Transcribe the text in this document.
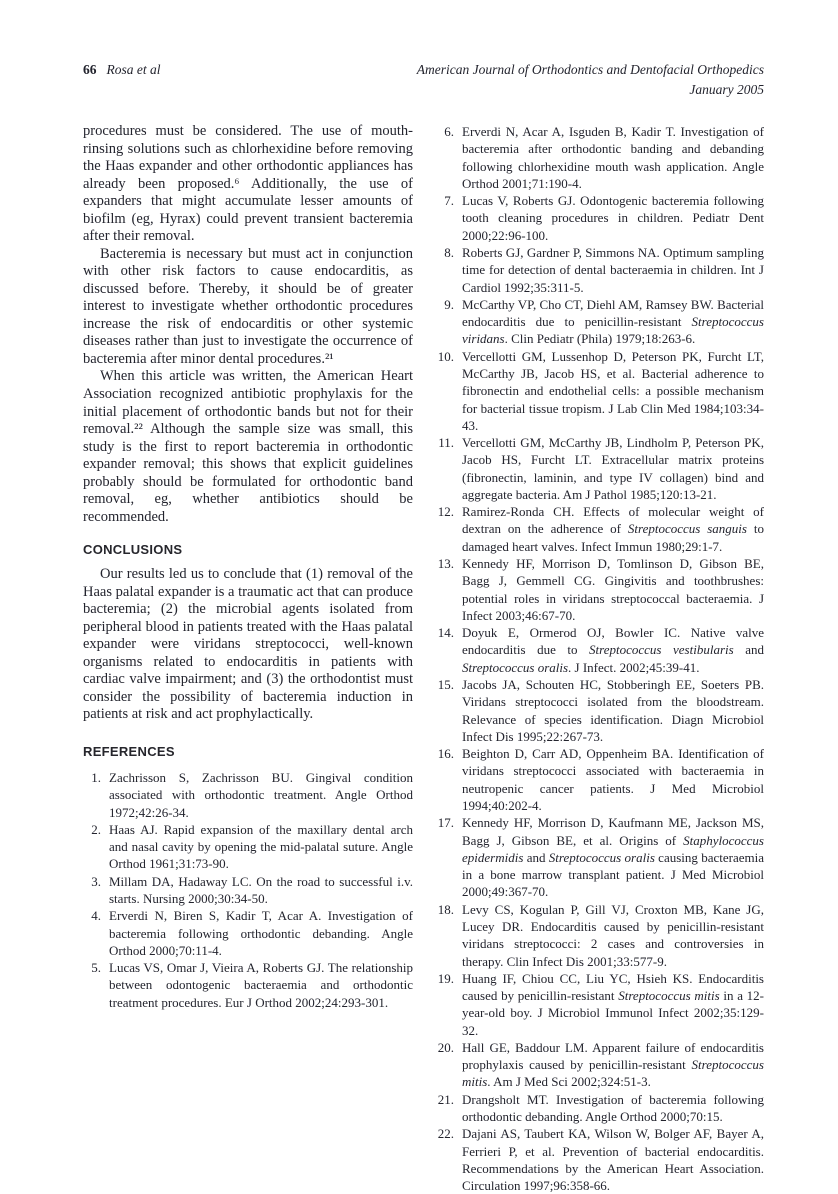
66 Rosa et al	American Journal of Orthodontics and Dentofacial Orthopedics
January 2005

procedures must be considered. The use of mouth-rinsing solutions such as chlorhexidine before removing the Haas expander and other orthodontic appliances has already been proposed.⁶ Additionally, the use of expanders that might accumulate lesser amounts of biofilm (eg, Hyrax) could prevent transient bacteremia after their removal.

Bacteremia is necessary but must act in conjunction with other risk factors to cause endocarditis, as discussed before. Thereby, it should be of greater interest to investigate whether orthodontic procedures increase the risk of endocarditis or other systemic diseases rather than just to investigate the occurrence of bacteremia after minor dental procedures.²¹

When this article was written, the American Heart Association recognized antibiotic prophylaxis for the initial placement of orthodontic bands but not for their removal.²² Although the sample size was small, this study is the first to report bacteremia in orthodontic expander removal; this shows that explicit guidelines probably should be formulated for orthodontic band removal, eg, whether antibiotics should be recommended.

CONCLUSIONS

Our results led us to conclude that (1) removal of the Haas palatal expander is a traumatic act that can produce bacteremia; (2) the microbial agents isolated from peripheral blood in patients treated with the Haas palatal expander were viridans streptococci, well-known organisms related to endocarditis in patients with cardiac valve impairment; and (3) the orthodontist must consider the possibility of bacteremia induction in patients at risk and act prophylactically.

REFERENCES
1. Zachrisson S, Zachrisson BU. Gingival condition associated with orthodontic treatment. Angle Orthod 1972;42:26-34.
2. Haas AJ. Rapid expansion of the maxillary dental arch and nasal cavity by opening the mid-palatal suture. Angle Orthod 1961;31:73-90.
3. Millam DA, Hadaway LC. On the road to successful i.v. starts. Nursing 2000;30:34-50.
4. Erverdi N, Biren S, Kadir T, Acar A. Investigation of bacteremia following orthodontic debanding. Angle Orthod 2000;70:11-4.
5. Lucas VS, Omar J, Vieira A, Roberts GJ. The relationship between odontogenic bacteraemia and orthodontic treatment procedures. Eur J Orthod 2002;24:293-301.
6. Erverdi N, Acar A, Isguden B, Kadir T. Investigation of bacteremia after orthodontic banding and debanding following chlorhexidine mouth wash application. Angle Orthod 2001;71:190-4.
7. Lucas V, Roberts GJ. Odontogenic bacteremia following tooth cleaning procedures in children. Pediatr Dent 2000;22:96-100.
8. Roberts GJ, Gardner P, Simmons NA. Optimum sampling time for detection of dental bacteraemia in children. Int J Cardiol 1992;35:311-5.
9. McCarthy VP, Cho CT, Diehl AM, Ramsey BW. Bacterial endocarditis due to penicillin-resistant Streptococcus viridans. Clin Pediatr (Phila) 1979;18:263-6.
10. Vercellotti GM, Lussenhop D, Peterson PK, Furcht LT, McCarthy JB, Jacob HS, et al. Bacterial adherence to fibronectin and endothelial cells: a possible mechanism for bacterial tissue tropism. J Lab Clin Med 1984;103:34-43.
11. Vercellotti GM, McCarthy JB, Lindholm P, Peterson PK, Jacob HS, Furcht LT. Extracellular matrix proteins (fibronectin, laminin, and type IV collagen) bind and aggregate bacteria. Am J Pathol 1985;120:13-21.
12. Ramirez-Ronda CH. Effects of molecular weight of dextran on the adherence of Streptococcus sanguis to damaged heart valves. Infect Immun 1980;29:1-7.
13. Kennedy HF, Morrison D, Tomlinson D, Gibson BE, Bagg J, Gemmell CG. Gingivitis and toothbrushes: potential roles in viridans streptococcal bacteraemia. J Infect 2003;46:67-70.
14. Doyuk E, Ormerod OJ, Bowler IC. Native valve endocarditis due to Streptococcus vestibularis and Streptococcus oralis. J Infect. 2002;45:39-41.
15. Jacobs JA, Schouten HC, Stobberingh EE, Soeters PB. Viridans streptococci isolated from the bloodstream. Relevance of species identification. Diagn Microbiol Infect Dis 1995;22:267-73.
16. Beighton D, Carr AD, Oppenheim BA. Identification of viridans streptococci associated with bacteraemia in neutropenic cancer patients. J Med Microbiol 1994;40:202-4.
17. Kennedy HF, Morrison D, Kaufmann ME, Jackson MS, Bagg J, Gibson BE, et al. Origins of Staphylococcus epidermidis and Streptococcus oralis causing bacteraemia in a bone marrow transplant patient. J Med Microbiol 2000;49:367-70.
18. Levy CS, Kogulan P, Gill VJ, Croxton MB, Kane JG, Lucey DR. Endocarditis caused by penicillin-resistant viridans streptococci: 2 cases and controversies in therapy. Clin Infect Dis 2001;33:577-9.
19. Huang IF, Chiou CC, Liu YC, Hsieh KS. Endocarditis caused by penicillin-resistant Streptococcus mitis in a 12-year-old boy. J Microbiol Immunol Infect 2002;35:129-32.
20. Hall GE, Baddour LM. Apparent failure of endocarditis prophylaxis caused by penicillin-resistant Streptococcus mitis. Am J Med Sci 2002;324:51-3.
21. Drangsholt MT. Investigation of bacteremia following orthodontic debanding. Angle Orthod 2000;70:15.
22. Dajani AS, Taubert KA, Wilson W, Bolger AF, Bayer A, Ferrieri P, et al. Prevention of bacterial endocarditis. Recommendations by the American Heart Association. Circulation 1997;96:358-66.
